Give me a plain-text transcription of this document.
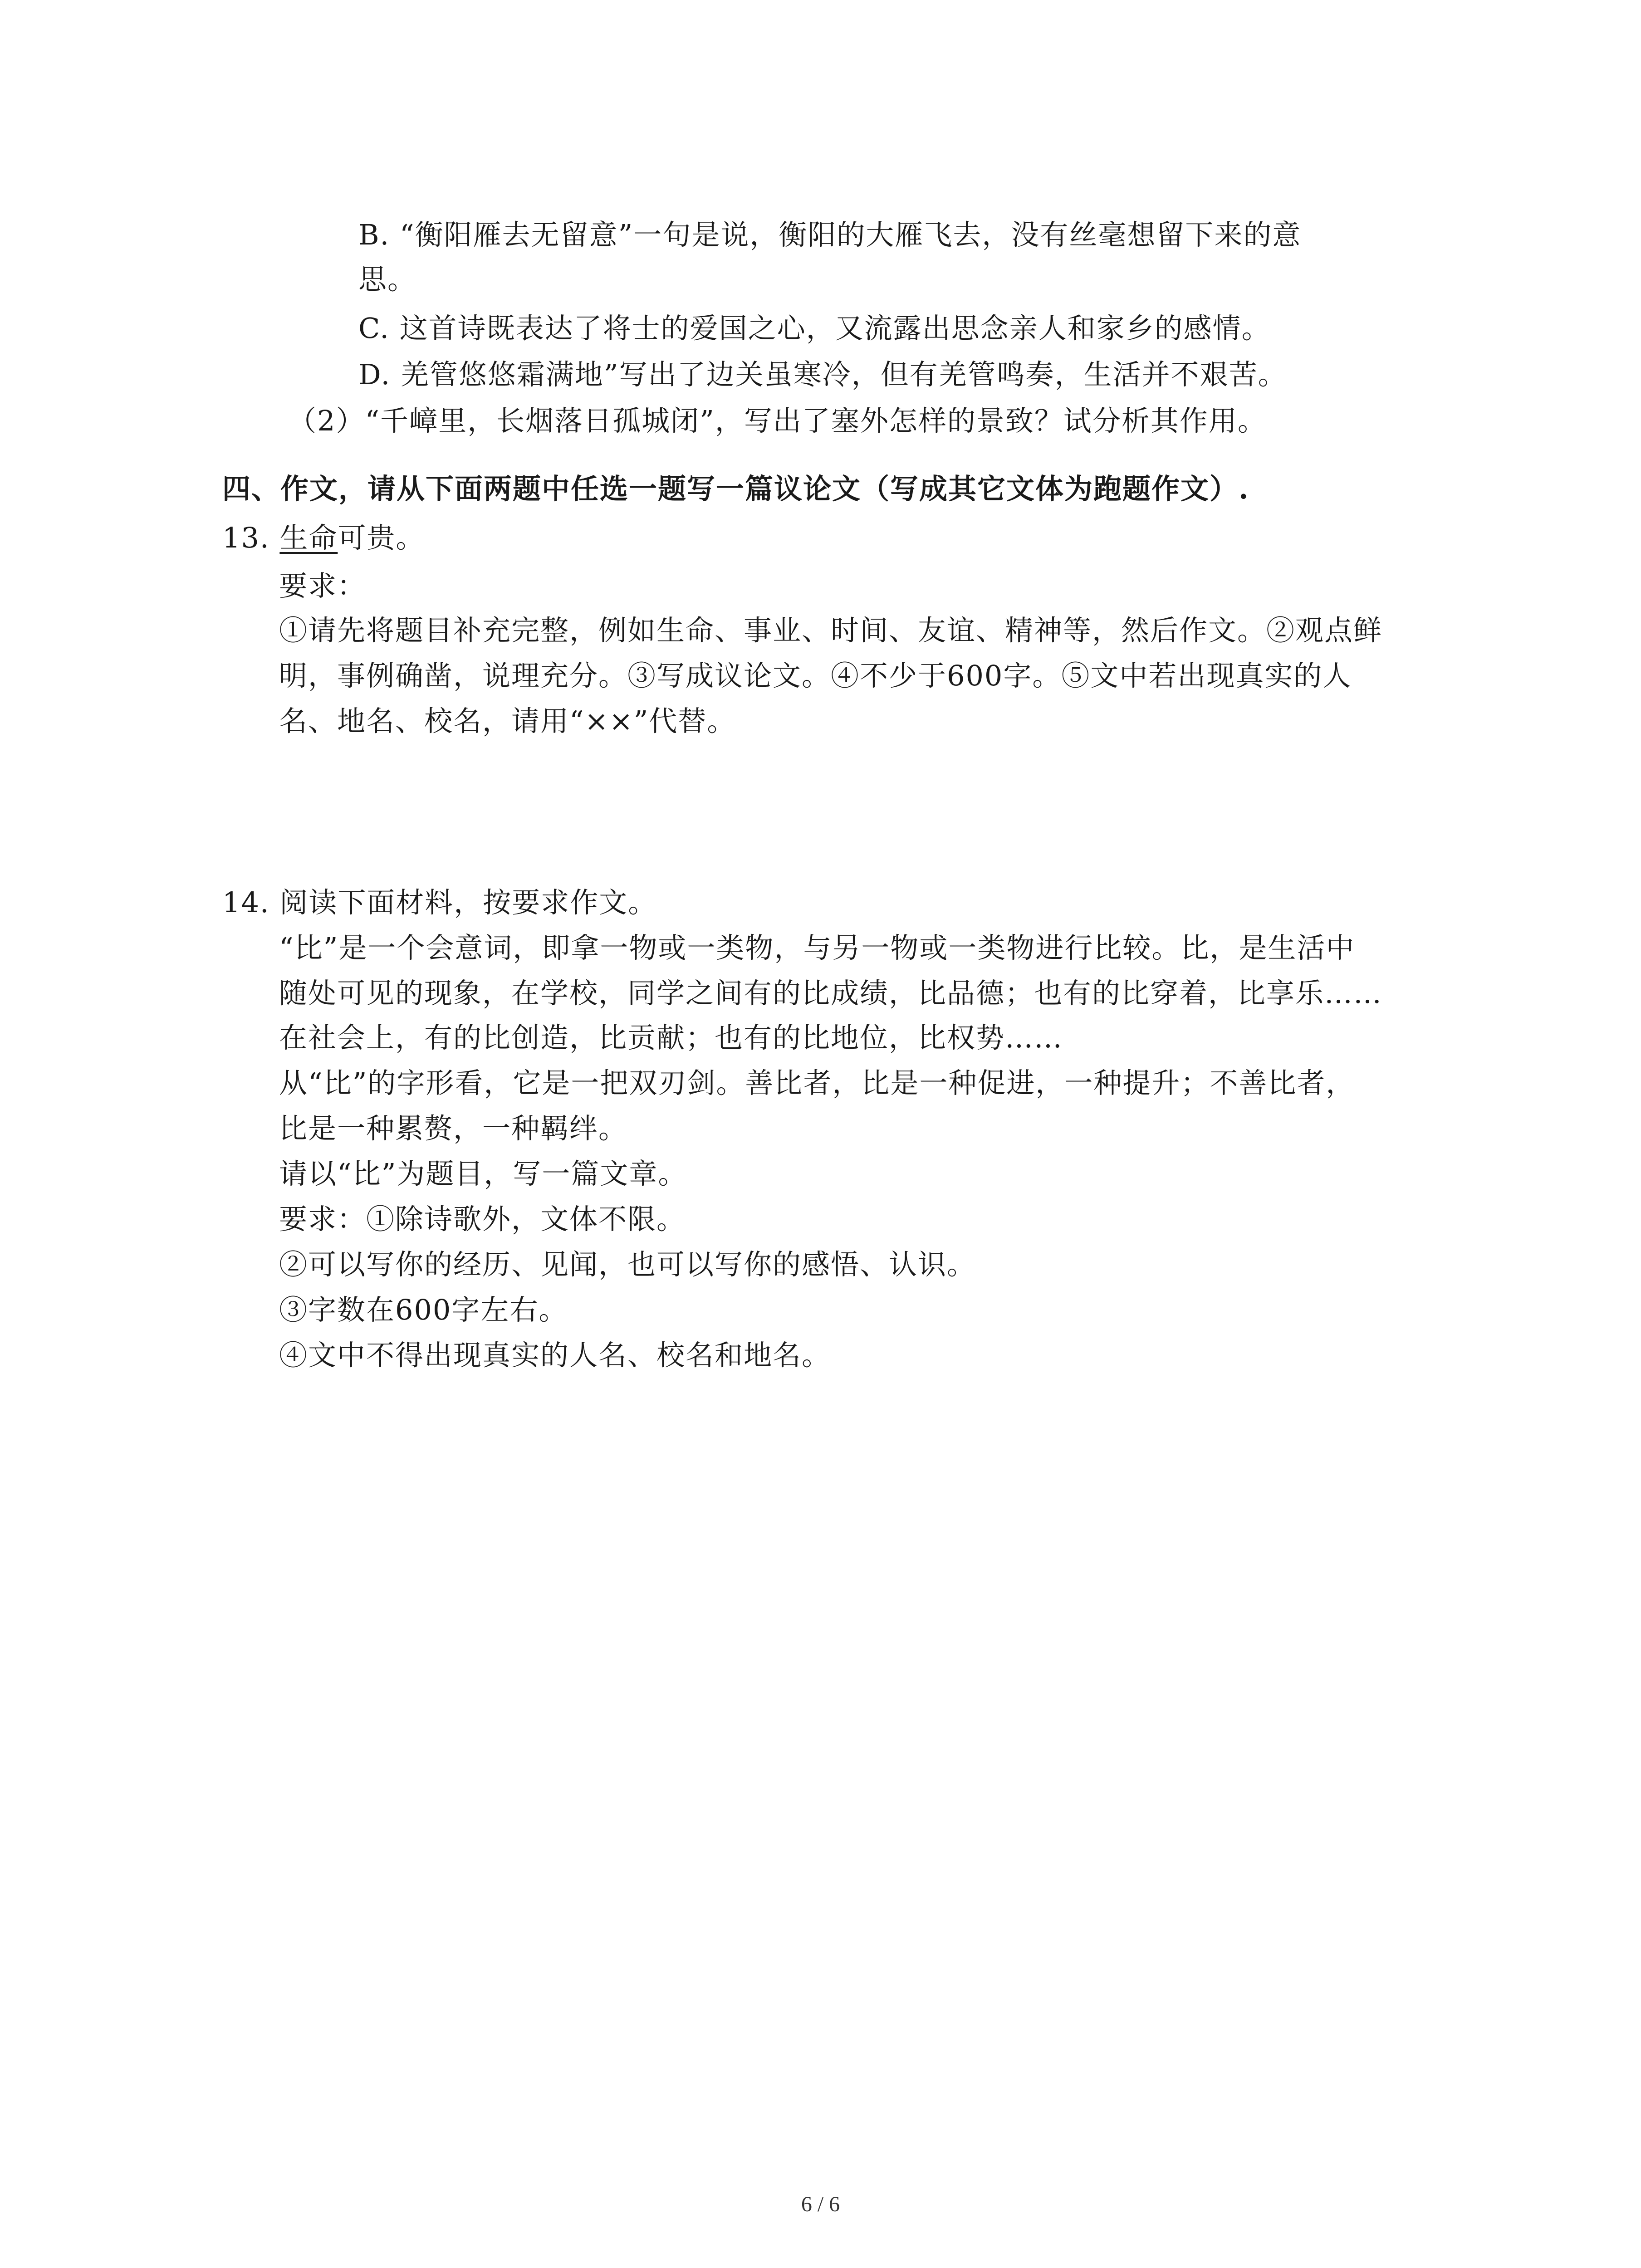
B. “衡阳雁去无留意”一句是说，衡阳的大雁飞去，没有丝毫想留下来的意
思。
C. 这首诗既表达了将士的爱国之心，又流露出思念亲人和家乡的感情。
D. 羌管悠悠霜满地”写出了边关虽寒冷，但有羌管鸣奏，生活并不艰苦。
（2）“千嶂里，长烟落日孤城闭”，写出了塞外怎样的景致？试分析其作用。
四、作文，请从下面两题中任选一题写一篇议论文（写成其它文体为跑题作文）.
13. 生命可贵。
要求：
①请先将题目补充完整，例如生命、事业、时间、友谊、精神等，然后作文。②观点鲜
明，事例确凿，说理充分。③写成议论文。④不少于600字。⑤文中若出现真实的人
名、地名、校名，请用“××”代替。
14. 阅读下面材料，按要求作文。
“比”是一个会意词，即拿一物或一类物，与另一物或一类物进行比较。比，是生活中
随处可见的现象，在学校，同学之间有的比成绩，比品德；也有的比穿着，比享乐……
在社会上，有的比创造，比贡献；也有的比地位，比权势……
从“比”的字形看，它是一把双刃剑。善比者，比是一种促进，一种提升；不善比者，
比是一种累赘，一种羁绊。
请以“比”为题目，写一篇文章。
要求：①除诗歌外，文体不限。
②可以写你的经历、见闻，也可以写你的感悟、认识。
③字数在600字左右。
④文中不得出现真实的人名、校名和地名。
6 / 6
